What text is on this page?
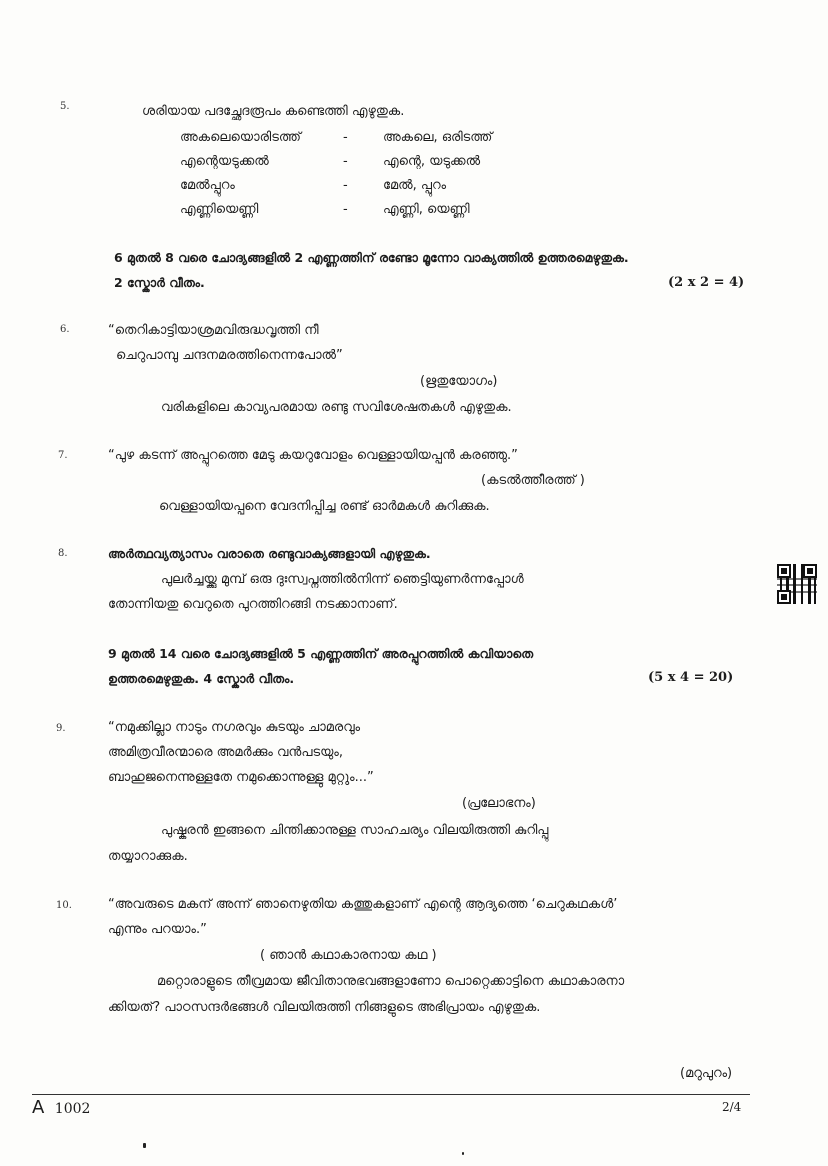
5.	ശരിയായ പദച്ഛേദരൂപം കണ്ടെത്തി എഴുതുക.
അകലെയൊരിടത്ത്	-	അകലെ, ഒരിടത്ത്
എന്റെയടുക്കൽ	-	എന്റെ, യടുക്കൽ
മേൽപ്പുറം	-	മേൽ, പ്പുറം
എണ്ണിയെണ്ണി	-	എണ്ണി, യെണ്ണി
6 മുതൽ 8 വരെ ചോദ്യങ്ങളിൽ 2 എണ്ണത്തിന് രണ്ടോ മൂന്നോ വാക്യത്തിൽ ഉത്തരമെഴുതുക.
2 സ്കോർ വീതം.	(2 x 2 = 4)
6.	“തെറികാട്ടിയാശ്രമവിരുദ്ധവൃത്തി നീ
ചെറുപാമ്പു ചന്ദനമരത്തിനെന്നപോൽ”
(ഋതുയോഗം)
വരികളിലെ കാവ്യപരമായ രണ്ടു സവിശേഷതകൾ എഴുതുക.
7.	“പുഴ കടന്ന് അപ്പുറത്തെ മേടു കയറുവോളം വെള്ളായിയപ്പൻ കരഞ്ഞു.”
(കടൽത്തീരത്ത് )
വെള്ളായിയപ്പനെ വേദനിപ്പിച്ച രണ്ട് ഓർമകൾ കുറിക്കുക.
8.	അർത്ഥവ്യത്യാസം വരാതെ രണ്ടുവാക്യങ്ങളായി എഴുതുക.
പുലർച്ചയ്ക്കു മുമ്പ് ഒരു ദുഃസ്വപ്നത്തിൽനിന്ന് ഞെട്ടിയുണർന്നപ്പോൾ
തോന്നിയതു വെറുതെ പുറത്തിറങ്ങി നടക്കാനാണ്.
9 മുതൽ 14 വരെ ചോദ്യങ്ങളിൽ 5 എണ്ണത്തിന് അരപ്പുറത്തിൽ കവിയാതെ
ഉത്തരമെഴുതുക. 4 സ്കോർ വീതം.	(5 x 4 = 20)
9.	“നമുക്കില്ലാ നാടും നഗരവും കുടയും ചാമരവും
അമിത്രവീരന്മാരെ അമർക്കും വൻപടയും,
ബാഹുജനെന്നുള്ളതേ നമുക്കൊന്നുള്ളു മുറ്റും...”
(പ്രലോഭനം)
പുഷ്കരൻ ഇങ്ങനെ ചിന്തിക്കാനുള്ള സാഹചര്യം വിലയിരുത്തി കുറിപ്പു
തയ്യാറാക്കുക.
10.	“അവരുടെ മകന് അന്ന് ഞാനെഴുതിയ കത്തുകളാണ് എന്റെ ആദ്യത്തെ ‘ചെറുകഥകൾ’
എന്നും പറയാം.”
( ഞാൻ കഥാകാരനായ കഥ )
മറ്റൊരാളുടെ തീവ്രമായ ജീവിതാനുഭവങ്ങളാണോ പൊറ്റെക്കാട്ടിനെ കഥാകാരനാ
ക്കിയത്? പാഠസന്ദർഭങ്ങൾ വിലയിരുത്തി നിങ്ങളുടെ അഭിപ്രായം എഴുതുക.
(മറുപുറം)
A 1002	2/4
